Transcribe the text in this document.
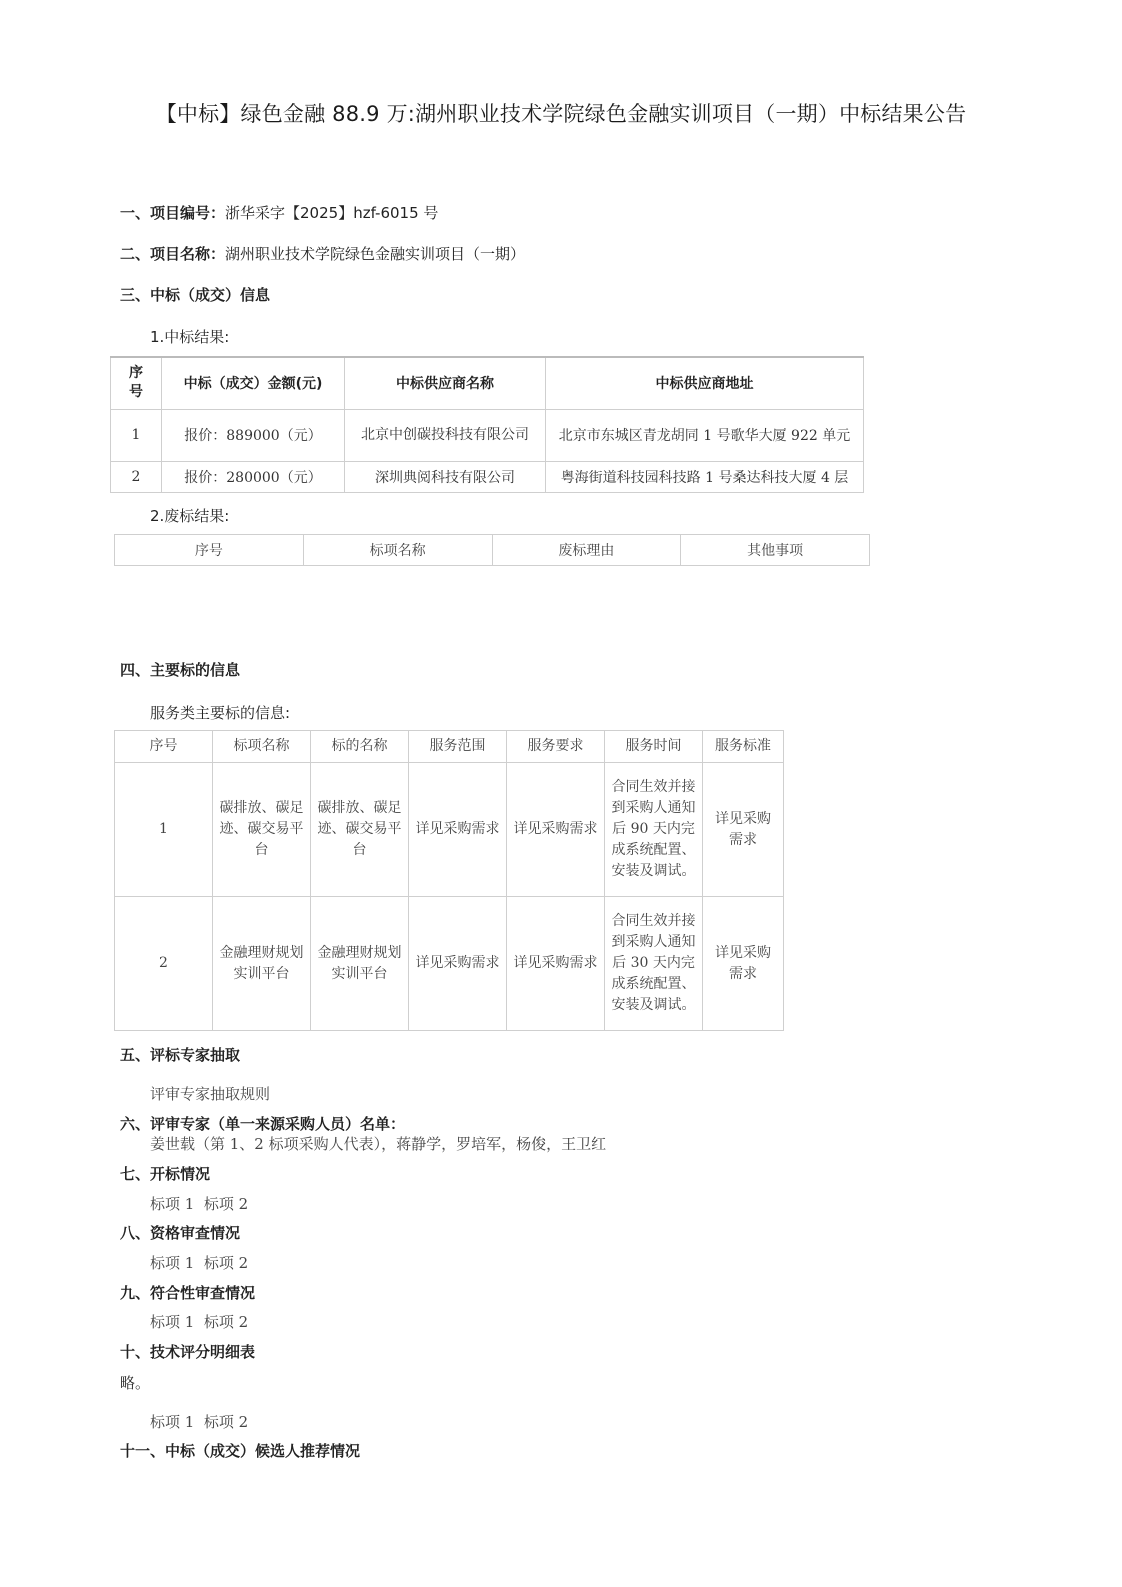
【中标】绿色金融 88.9 万:湖州职业技术学院绿色金融实训项目（一期）中标结果公告
一、项目编号：浙华采字【2025】hzf-6015 号
二、项目名称：湖州职业技术学院绿色金融实训项目（一期）
三、中标（成交）信息
1.中标结果:
序
号	中标（成交）金额(元)	中标供应商名称	中标供应商地址
1	报价：889000（元）	北京中创碳投科技有限公司	北京市东城区青龙胡同 1 号歌华大厦 922 单元
2	报价：280000（元）	深圳典阅科技有限公司	粤海街道科技园科技路 1 号桑达科技大厦 4 层
2.废标结果:
序号	标项名称	废标理由	其他事项
四、主要标的信息
服务类主要标的信息:
序号	标项名称	标的名称	服务范围	服务要求	服务时间	服务标准
1	碳排放、碳足迹、碳交易平台	碳排放、碳足迹、碳交易平台	详见采购需求	详见采购需求	合同生效并接到采购人通知后 90 天内完成系统配置、安装及调试。	详见采购需求
2	金融理财规划实训平台	金融理财规划实训平台	详见采购需求	详见采购需求	合同生效并接到采购人通知后 30 天内完成系统配置、安装及调试。	详见采购需求
五、评标专家抽取
评审专家抽取规则
六、评审专家（单一来源采购人员）名单：
姜世载（第 1、2 标项采购人代表），蒋静学，罗培军，杨俊，王卫红
七、开标情况
标项 1  标项 2
八、资格审查情况
标项 1  标项 2
九、符合性审查情况
标项 1  标项 2
十、技术评分明细表
略。
标项 1  标项 2
十一、中标（成交）候选人推荐情况
